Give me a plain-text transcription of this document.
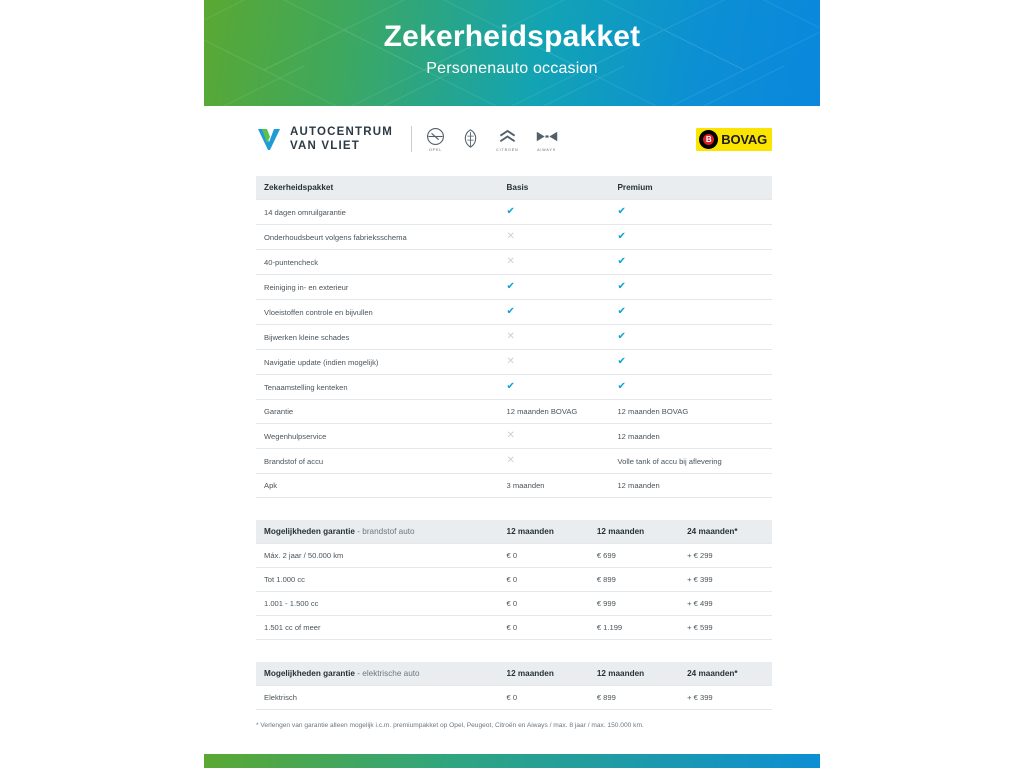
Zekerheidspakket
Personenauto occasion
AUTOCENTRUM
VAN VLIET	OPEL	CITROËN	AIWAYS
B BOVAG
Zekerheidspakket	Basis	Premium
14 dagen omruilgarantie	✔	✔
Onderhoudsbeurt volgens fabrieksschema	✕	✔
40-puntencheck	✕	✔
Reiniging in- en exterieur	✔	✔
Vloeistoffen controle en bijvullen	✔	✔
Bijwerken kleine schades	✕	✔
Navigatie update (indien mogelijk)	✕	✔
Tenaamstelling kenteken	✔	✔
Garantie	12 maanden BOVAG	12 maanden BOVAG
Wegenhulpservice	✕	12 maanden
Brandstof of accu	✕	Volle tank of accu bij aflevering
Apk	3 maanden	12 maanden
Mogelijkheden garantie - brandstof auto	12 maanden	12 maanden	24 maanden*
Máx. 2 jaar / 50.000 km	€ 0	€ 699	+ € 299
Tot 1.000 cc	€ 0	€ 899	+ € 399
1.001 - 1.500 cc	€ 0	€ 999	+ € 499
1.501 cc of meer	€ 0	€ 1.199	+ € 599
Mogelijkheden garantie - elektrische auto	12 maanden	12 maanden	24 maanden*
Elektrisch	€ 0	€ 899	+ € 399
* Verlengen van garantie alleen mogelijk i.c.m. premiumpakket op Opel, Peugeot, Citroën en Aiways / max. 8 jaar / max. 150.000 km.
